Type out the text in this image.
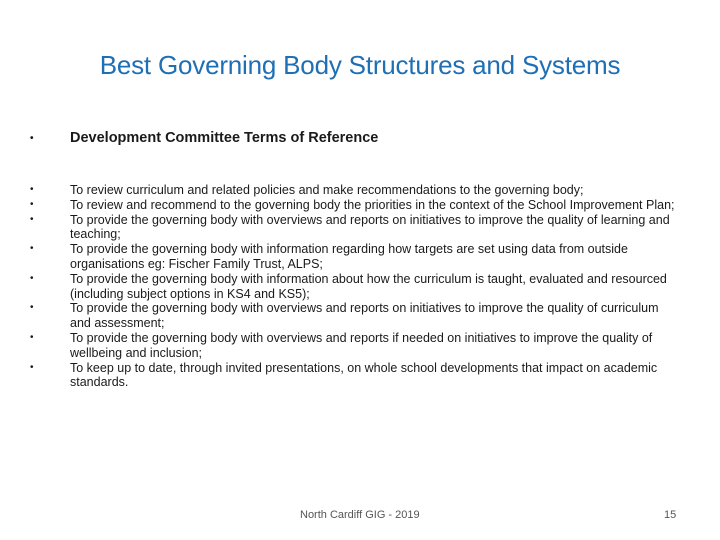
Best Governing Body Structures and Systems
•	Development Committee Terms of Reference
•	To review curriculum and related policies and make recommendations to the governing body;
•	To review and recommend to the governing body the priorities in the context of the School Improvement Plan;
•	To provide the governing body with overviews and reports on initiatives to improve the quality of learning and teaching;
•	To provide the governing body with information regarding how targets are set using data from outside organisations eg: Fischer Family Trust, ALPS;
•	To provide the governing body with information about how the curriculum is taught, evaluated and resourced (including subject options in KS4 and KS5);
•	To provide the governing body with overviews and reports on initiatives to improve the quality of curriculum and assessment;
•	To provide the governing body with overviews and reports if needed on initiatives to improve the quality of wellbeing and inclusion;
•	To keep up to date, through invited presentations, on whole school developments that impact on academic standards.
North Cardiff GIG - 2019	15
